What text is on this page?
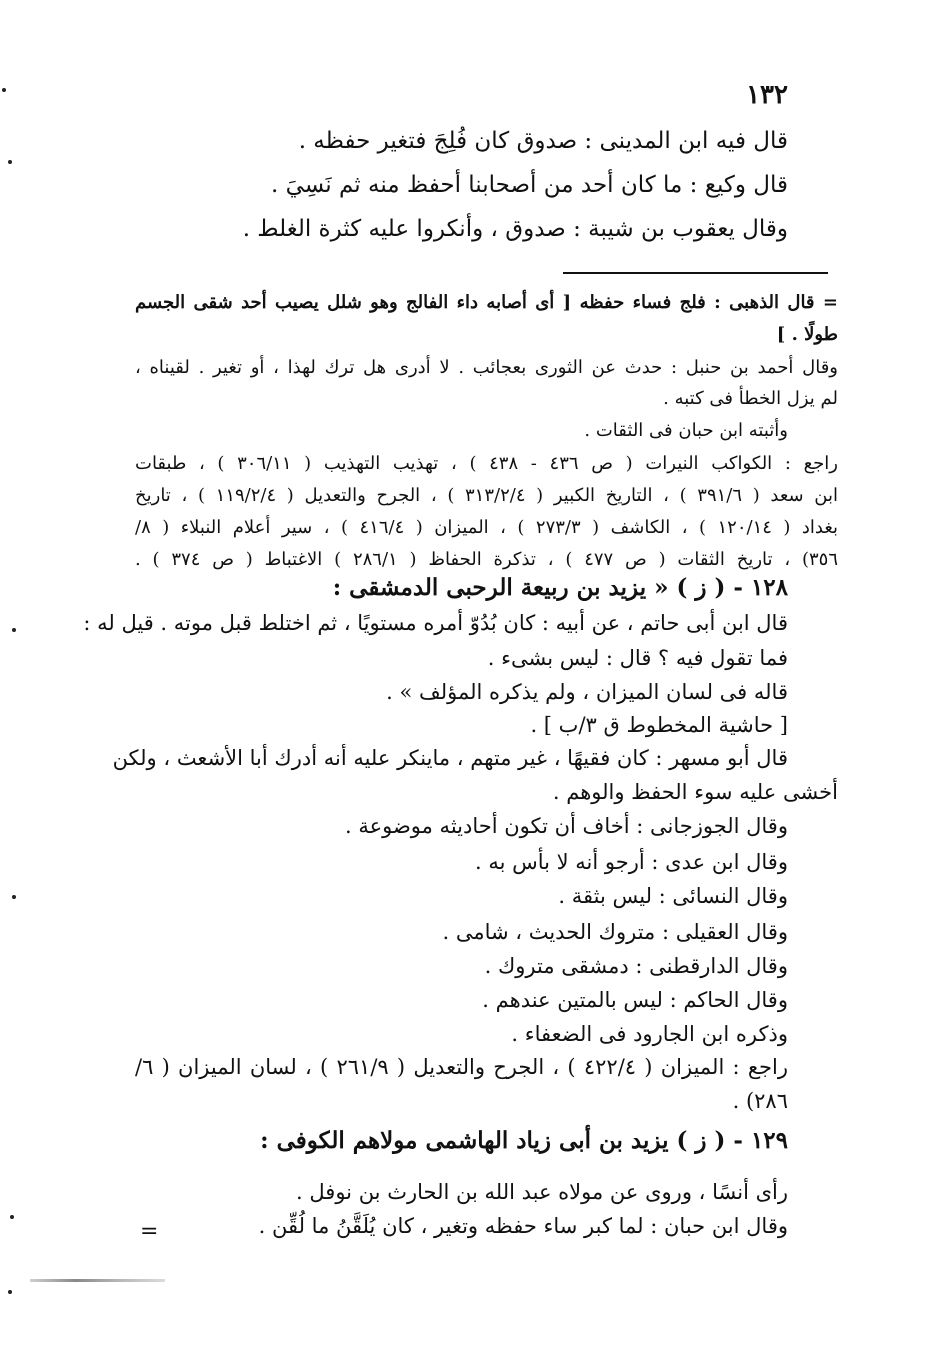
١٣٢
قال فيه ابن المدينى : صدوق كان فُلِجَ فتغير حفظه .
قال وكيع : ما كان أحد من أصحابنا أحفظ منه ثم نَسِيَ .
وقال يعقوب بن شيبة : صدوق ، وأنكروا عليه كثرة الغلط .
= قال الذهبى : فلج فساء حفظه [ أى أصابه داء الفالج وهو شلل يصيب أحد شقى الجسم
طولًا . ]
وقال أحمد بن حنبل : حدث عن الثورى بعجائب . لا أدرى هل ترك لهذا ، أو تغير . لقيناه ،
لم يزل الخطأ فى كتبه .
وأثبته ابن حبان فى الثقات .
راجع : الكواكب النيرات ( ص ٤٣٦ - ٤٣٨ ) ، تهذيب التهذيب ( ٣٠٦/١١ ) ، طبقات
ابن سعد ( ٣٩١/٦ ) ، التاريخ الكبير ( ٣١٣/٢/٤ ) ، الجرح والتعديل ( ١١٩/٢/٤ ) ، تاريخ
بغداد ( ١٢٠/١٤ ) ، الكاشف ( ٢٧٣/٣ ) ، الميزان ( ٤١٦/٤ ) ، سير أعلام النبلاء ( ٨/
٣٥٦) ، تاريخ الثقات ( ص ٤٧٧ ) ، تذكرة الحفاظ ( ٢٨٦/١ ) الاغتباط ( ص ٣٧٤ ) .
١٢٨ - ( ز ) « يزيد بن ربيعة الرحبى الدمشقى :
قال ابن أبى حاتم ، عن أبيه : كان بُدُوّ أمره مستويًا ، ثم اختلط قبل موته . قيل له :
فما تقول فيه ؟ قال : ليس بشىء .
قاله فى لسان الميزان ، ولم يذكره المؤلف » .
[ حاشية المخطوط ق ٣/ب ] .
قال أبو مسهر : كان فقيهًا ، غير متهم ، ماينكر عليه أنه أدرك أبا الأشعث ، ولكن
أخشى عليه سوء الحفظ والوهم .
وقال الجوزجانى : أخاف أن تكون أحاديثه موضوعة .
وقال ابن عدى : أرجو أنه لا بأس به .
وقال النسائى : ليس بثقة .
وقال العقيلى : متروك الحديث ، شامى .
وقال الدارقطنى : دمشقى متروك .
وقال الحاكم : ليس بالمتين عندهم .
وذكره ابن الجارود فى الضعفاء .
راجع : الميزان ( ٤٢٢/٤ ) ، الجرح والتعديل ( ٢٦١/٩ ) ، لسان الميزان ( ٦/
٢٨٦) .
١٢٩ - ( ز ) يزيد بن أبى زياد الهاشمى مولاهم الكوفى :
رأى أنسًا ، وروى عن مولاه عبد الله بن الحارث بن نوفل .
وقال ابن حبان : لما كبر ساء حفظه وتغير ، كان يُلَقَّنُ ما لُقِّن .
=
